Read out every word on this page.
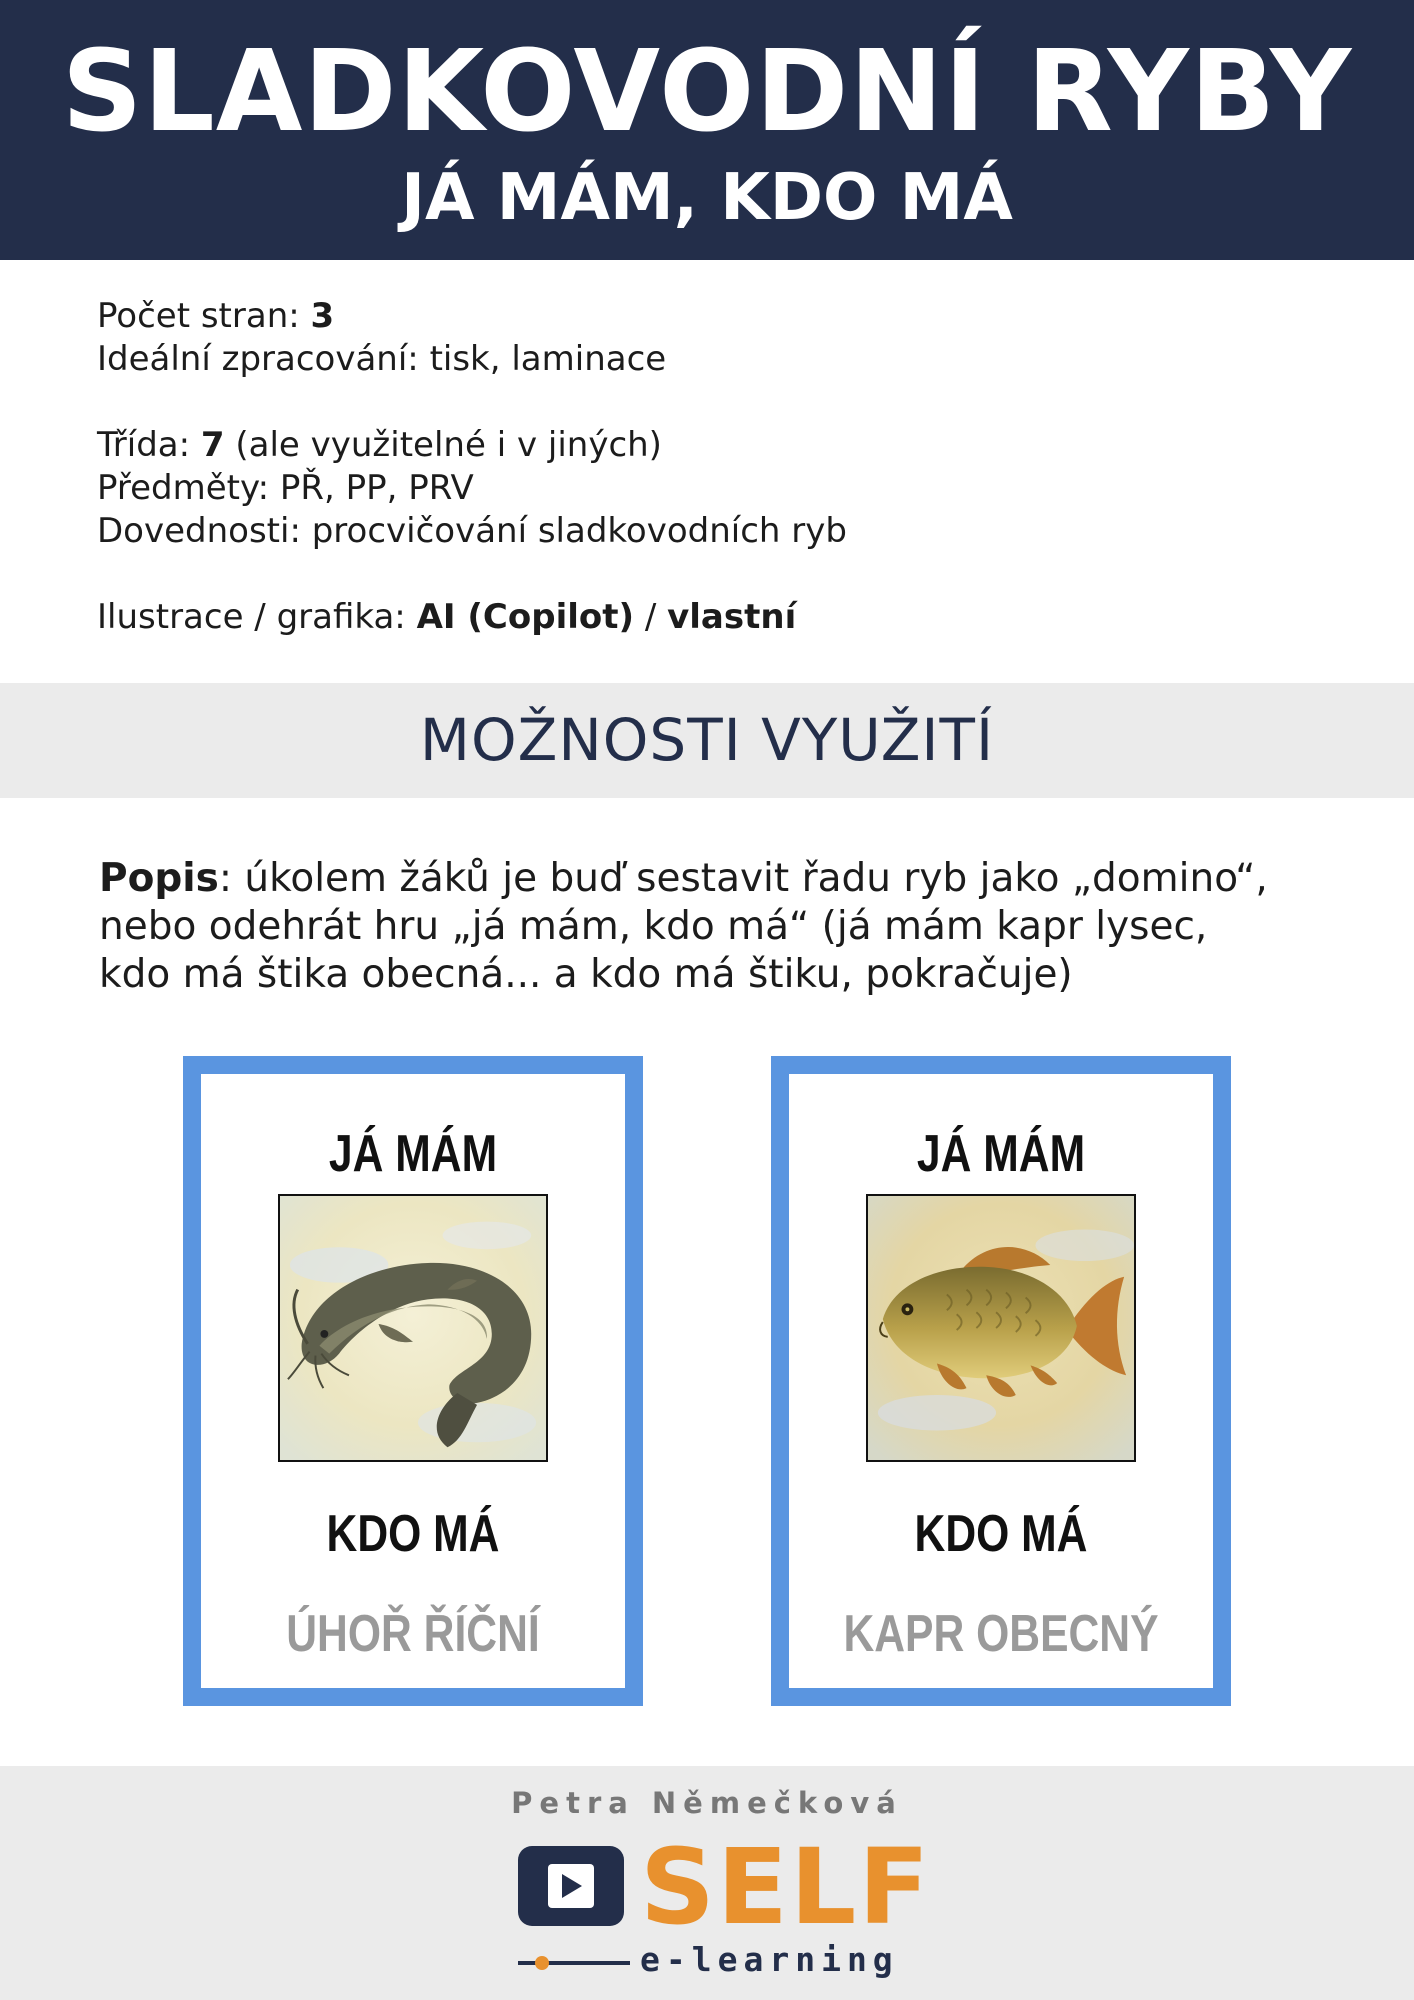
SLADKOVODNÍ RYBY
JÁ MÁM, KDO MÁ
Počet stran: 3
Ideální zpracování: tisk, laminace
Třída: 7 (ale využitelné i v jiných)
Předměty: PŘ, PP, PRV
Dovednosti: procvičování sladkovodních ryb
Ilustrace / grafika: AI (Copilot) / vlastní
MOŽNOSTI VYUŽITÍ
Popis: úkolem žáků je buď sestavit řadu ryb jako „domino“,
nebo odehrát hru „já mám, kdo má“ (já mám kapr lysec,
kdo má štika obecná... a kdo má štiku, pokračuje)
JÁ MÁM
KDO MÁ
ÚHOŘ ŘÍČNÍ
JÁ MÁM
KDO MÁ
KAPR OBECNÝ
Petra Němečková
SELF
e-learning
